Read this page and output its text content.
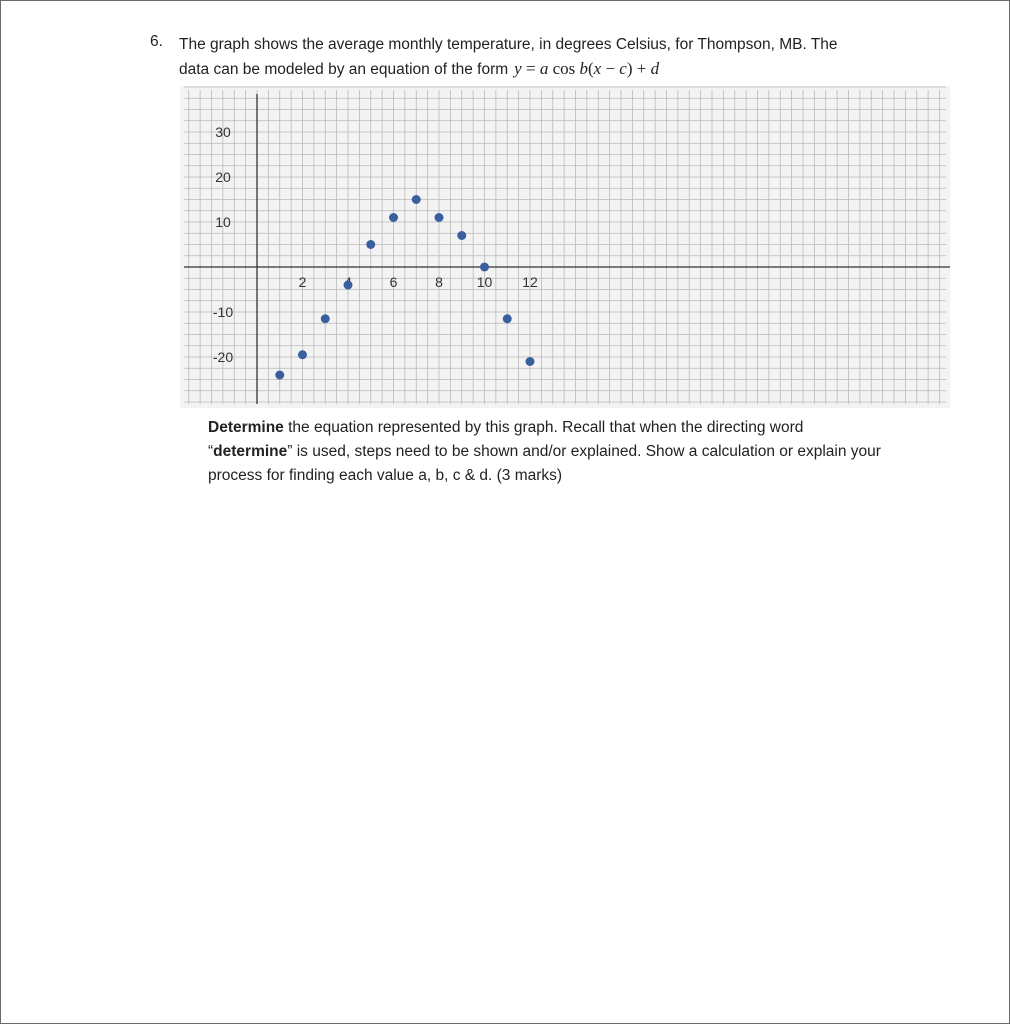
6. The graph shows the average monthly temperature, in degrees Celsius, for Thompson, MB. The
data can be modeled by an equation of the form y = a cos b(x − c) + d
30
20
10
-10
-20
2	6	8 10 12
Determine the equation represented by this graph. Recall that when the directing word “determine” is used, steps need to be shown and/or explained. Show a calculation or explain your process for finding each value a, b, c & d. (3 marks)
